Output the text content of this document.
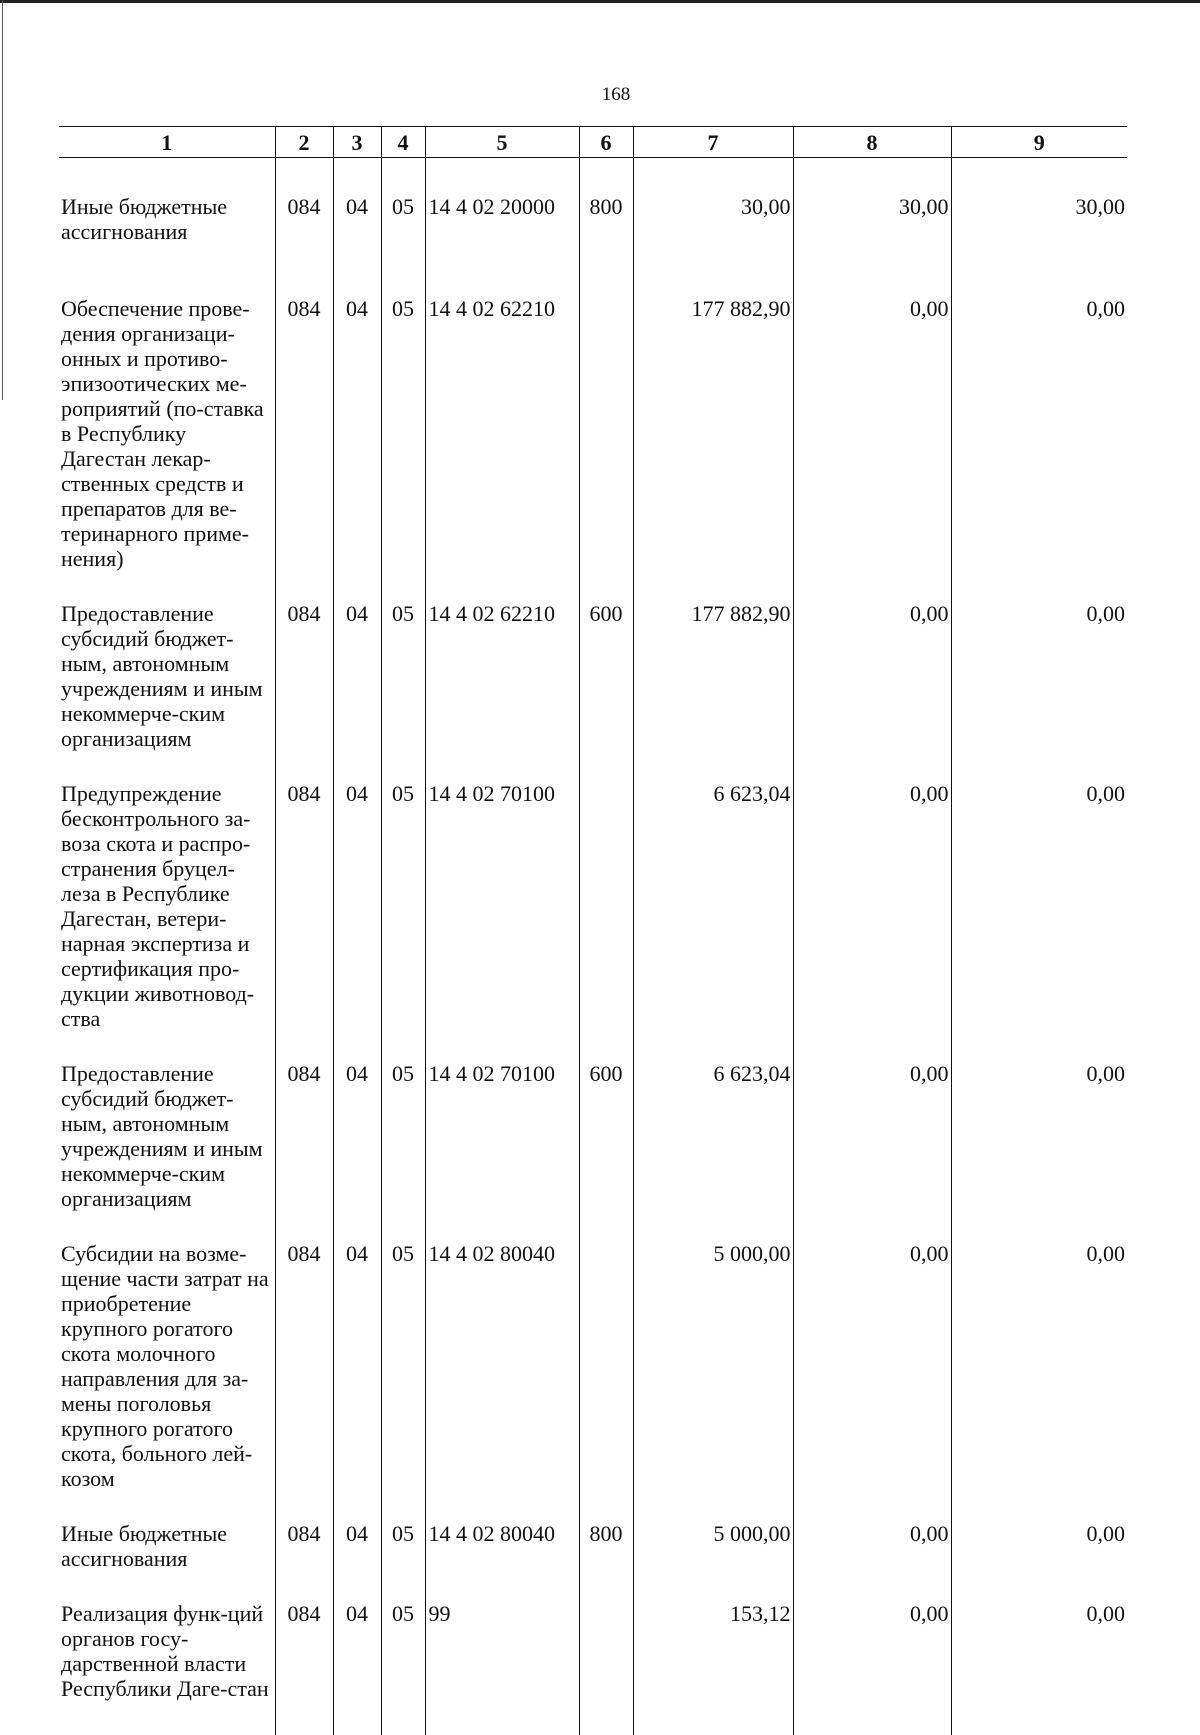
168
1	2	3	4	5	6	7	8	9

Иные бюджетные ассигнования	084	04	05	14 4 02 20000	800	30,00	30,00	30,00

Обеспечение прове-дения организаци-онных и противо-эпизоотических ме-роприятий (по-ставка в Республику Дагестан лекар-ственных средств и препаратов для ве-теринарного приме-нения)	084	04	05	14 4 02 62210		177 882,90	0,00	0,00

Предоставление субсидий бюджет-ным, автономным учреждениям и иным некоммерче-ским организациям	084	04	05	14 4 02 62210	600	177 882,90	0,00	0,00

Предупреждение бесконтрольного за-воза скота и распро-странения бруцел-леза в Республике Дагестан, ветери-нарная экспертиза и сертификация про-дукции животновод-ства	084	04	05	14 4 02 70100		6 623,04	0,00	0,00

Предоставление субсидий бюджет-ным, автономным учреждениям и иным некоммерче-ским организациям	084	04	05	14 4 02 70100	600	6 623,04	0,00	0,00

Субсидии на возме-щение части затрат на приобретение крупного рогатого скота молочного направления для за-мены поголовья крупного рогатого скота, больного лей-козом	084	04	05	14 4 02 80040		5 000,00	0,00	0,00

Иные бюджетные ассигнования	084	04	05	14 4 02 80040	800	5 000,00	0,00	0,00

Реализация функ-ций органов госу-дарственной власти Республики Даге-стан	084	04	05	99		153,12	0,00	0,00
